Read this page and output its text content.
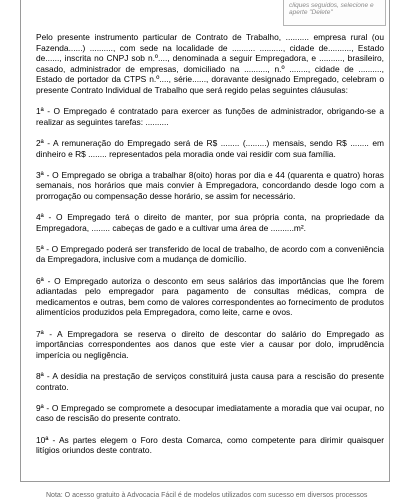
cliques seguidos, selecione e aperte "Delete"

Pelo presente instrumento particular de Contrato de Trabalho, .......... empresa rural (ou Fazenda......) .........., com sede na localidade de .......... .........., cidade de.........., Estado de......, inscrita no CNPJ sob n.º...., denominada a seguir Empregadora, e .........., brasileiro, casado, administrador de empresas, domiciliado na .........., n.º ........, cidade de .........., Estado de portador da CTPS n.º...., série......, doravante designado Empregado, celebram o presente Contrato Individual de Trabalho que será regido pelas seguintes cláusulas:

1ª - O Empregado é contratado para exercer as funções de administrador, obrigando-se a realizar as seguintes tarefas: ..........

2ª - A remuneração do Empregado será de R$ ........ (.........) mensais, sendo R$ ........ em dinheiro e R$ ........ representados pela moradia onde vai residir com sua família.

3ª - O Empregado se obriga a trabalhar 8(oito) horas por dia e 44 (quarenta e quatro) horas semanais, nos horários que mais convier à Empregadora, concordando desde logo com a prorrogação ou compensação desse horário, se assim for necessário.

4ª - O Empregado terá o direito de manter, por sua própria conta, na propriedade da Empregadora, ........ cabeças de gado e a cultivar uma área de ..........m².

5ª - O Empregado poderá ser transferido de local de trabalho, de acordo com a conveniência da Empregadora, inclusive com a mudança de domicílio.

6ª - O Empregado autoriza o desconto em seus salários das importâncias que lhe forem adiantadas pelo empregador para pagamento de consultas médicas, compra de medicamentos e outras, bem como de valores correspondentes ao fornecimento de produtos alimentícios produzidos pela Empregadora, como leite, carne e ovos.

7ª - A Empregadora se reserva o direito de descontar do salário do Empregado as importâncias correspondentes aos danos que este vier a causar por dolo, imprudência imperícia ou negligência.

8ª - A desídia na prestação de serviços constituirá justa causa para a rescisão do presente contrato.

9ª - O Empregado se compromete a desocupar imediatamente a moradia que vai ocupar, no caso de rescisão do presente contrato.

10ª - As partes elegem o Foro desta Comarca, como competente para dirimir quaisquer litígios oriundos deste contrato.

Nota: O acesso gratuito à Advocacia Fácil é de modelos utilizados com sucesso em diversos processos
